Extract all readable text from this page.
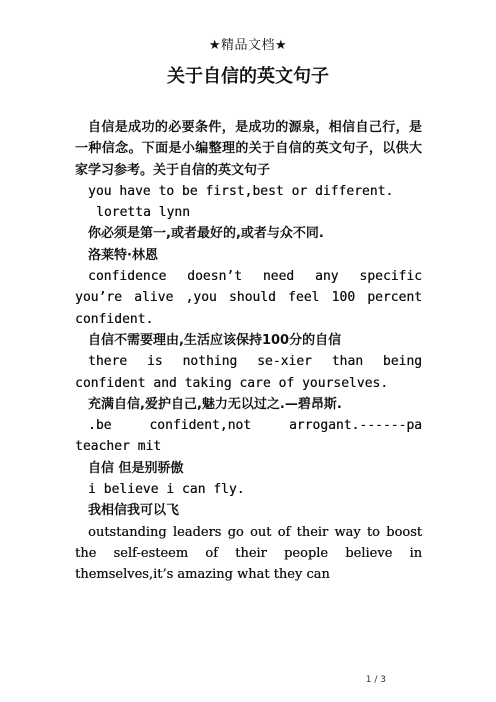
★精品文档★
关于自信的英文句子

自信是成功的必要条件，是成功的源泉，相信自己行，是一种信念。下面是小编整理的关于自信的英文句子，以供大家学习参考。关于自信的英文句子

you have to be first,best or different.

loretta lynn

你必须是第一,或者最好的,或者与众不同.

洛莱特·林恩

confidence doesn’t need any specific you’re alive ,you should feel 100 percent confident.

自信不需要理由,生活应该保持100分的自信

there is nothing se-xier than being confident and taking care of yourselves.

充满自信,爱护自己,魅力无以过之.—碧昂斯.

.be confident,not arrogant.------pa teacher mit

自信 但是别骄傲

i believe i can fly.

我相信我可以飞

outstanding leaders go out of their way to boost the self-esteem of their people believe in themselves,it’s amazing what they can

1 / 3
